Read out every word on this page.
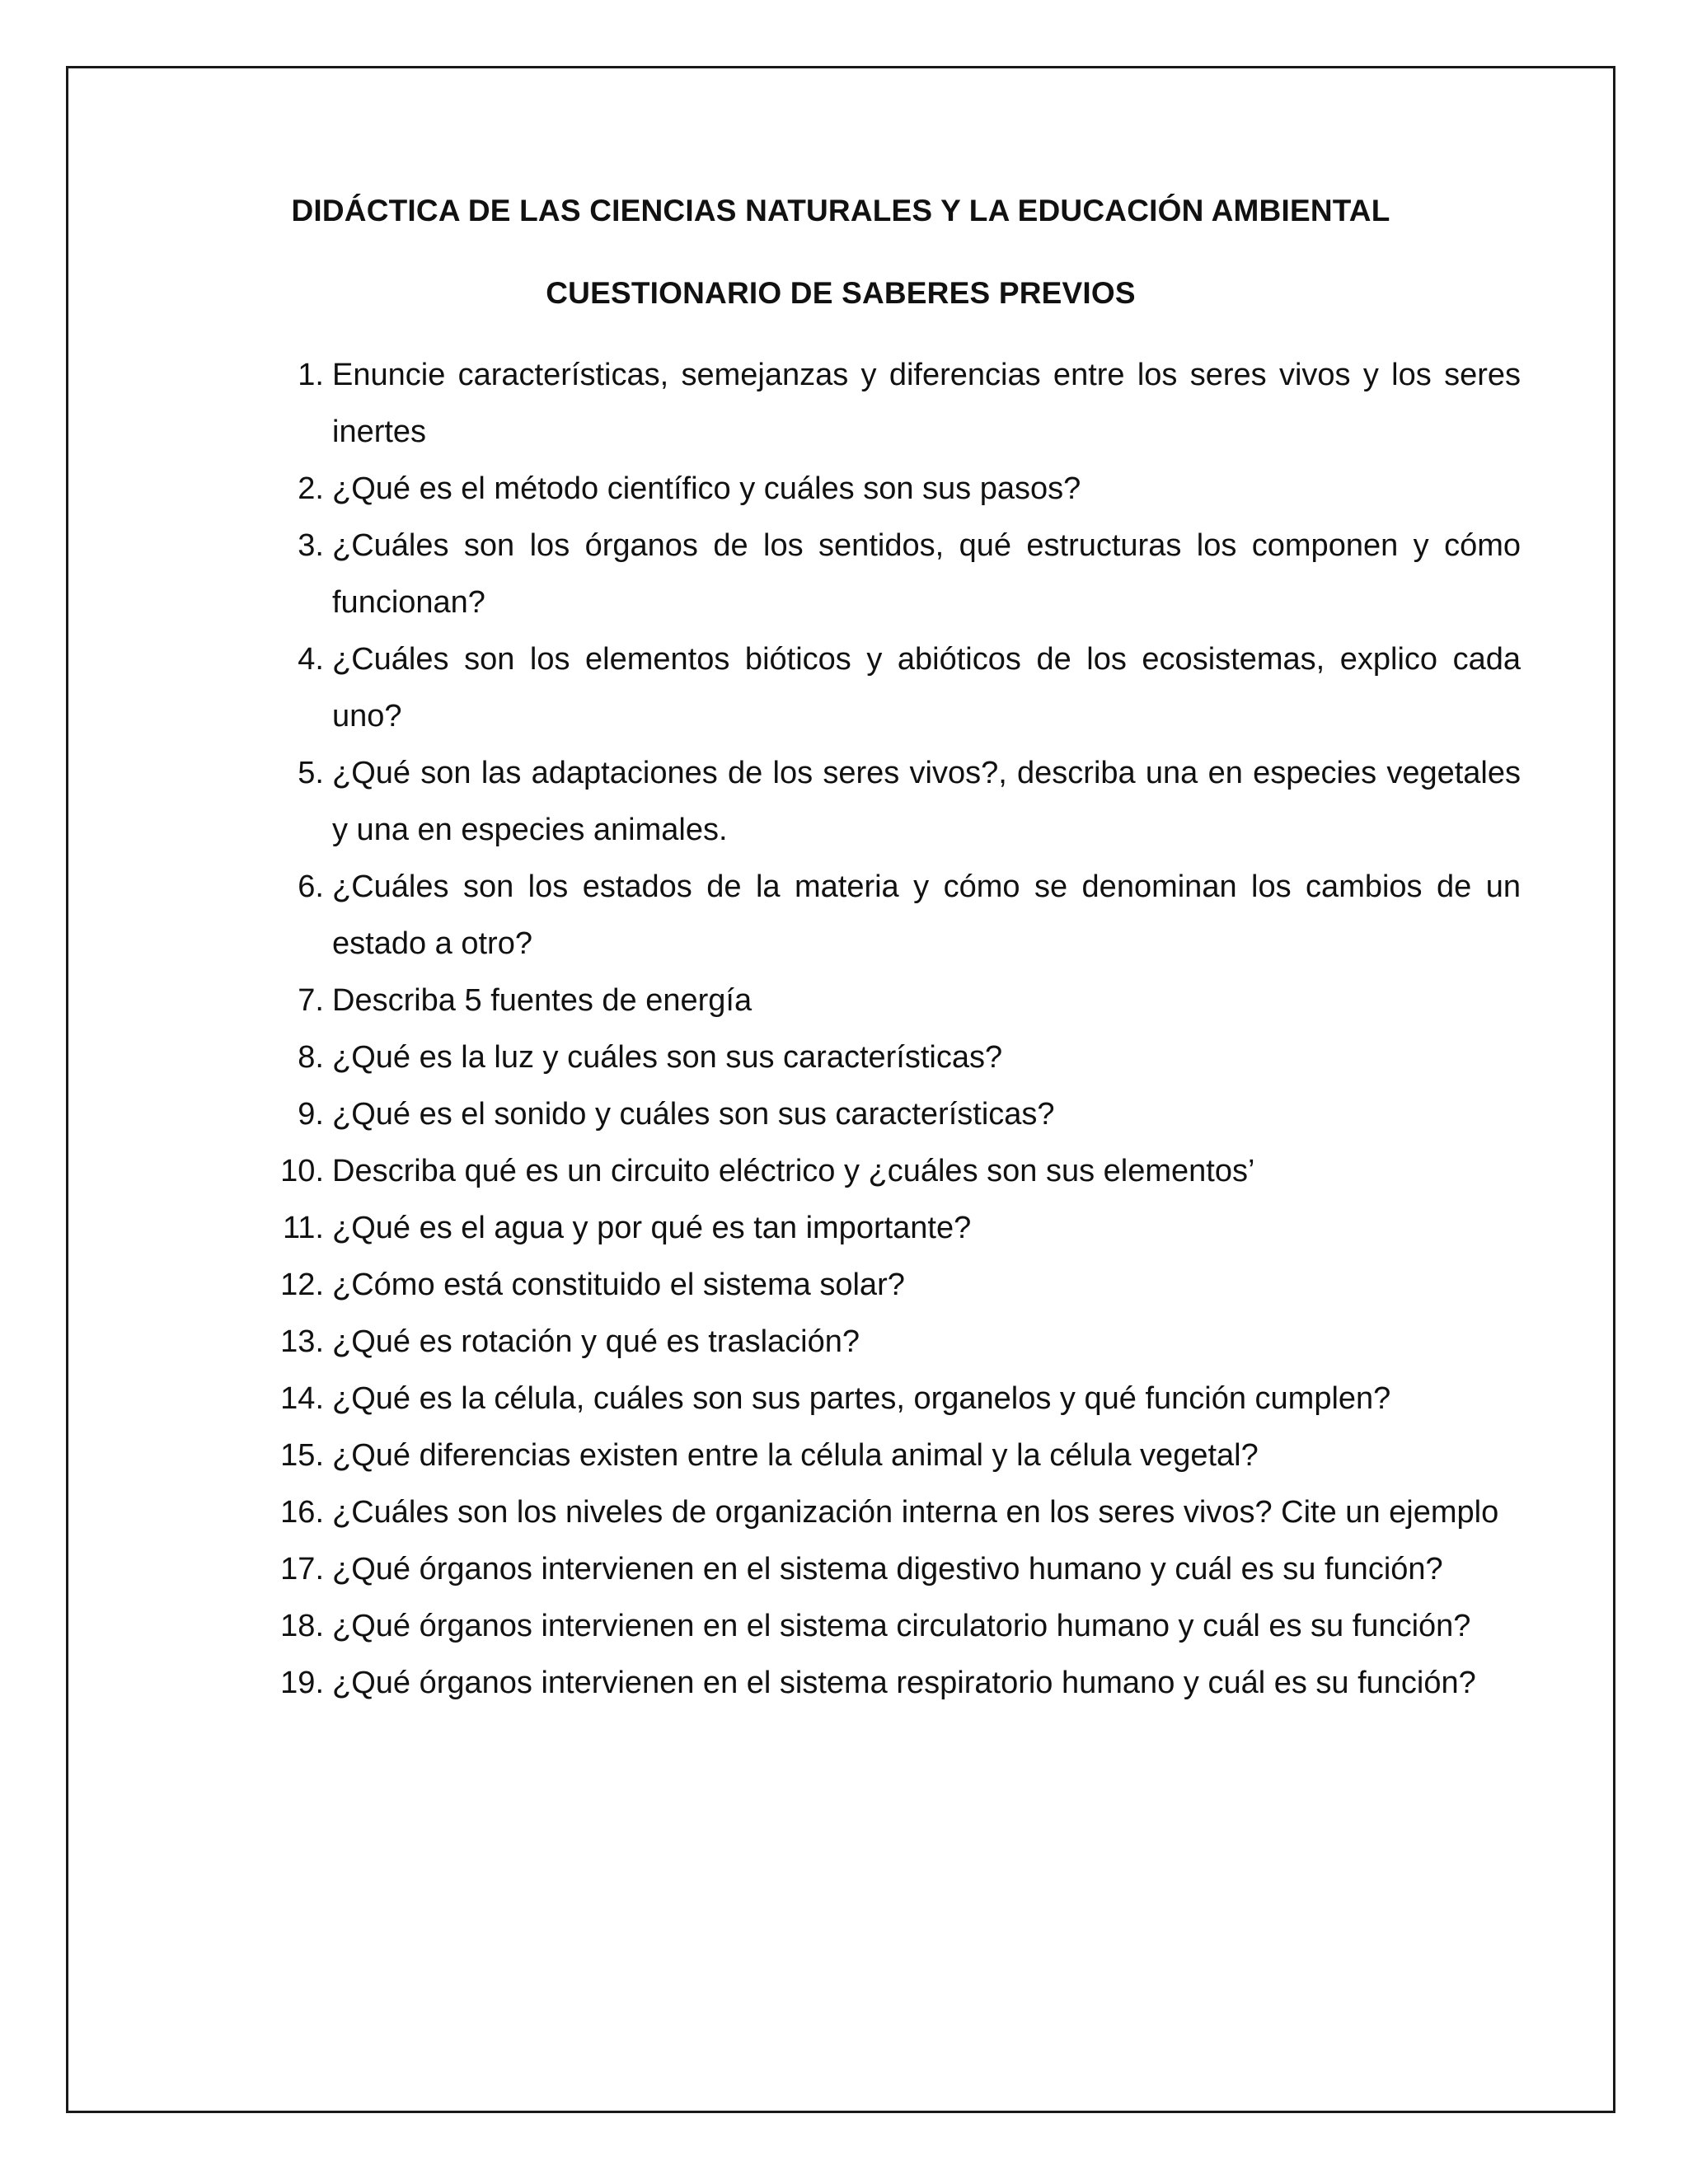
DIDÁCTICA DE LAS CIENCIAS NATURALES Y LA EDUCACIÓN AMBIENTAL
CUESTIONARIO DE SABERES PREVIOS
1. Enuncie características, semejanzas y diferencias entre los seres vivos y los seres inertes
2. ¿Qué es el método científico y cuáles son sus pasos?
3. ¿Cuáles son los órganos de los sentidos, qué estructuras los componen y cómo funcionan?
4. ¿Cuáles son los elementos bióticos y abióticos de los ecosistemas, explico cada uno?
5. ¿Qué son las adaptaciones de los seres vivos?, describa una en especies vegetales y una en especies animales.
6. ¿Cuáles son los estados de la materia y cómo se denominan los cambios de un estado a otro?
7. Describa 5 fuentes de energía
8. ¿Qué es la luz y cuáles son sus características?
9. ¿Qué es el sonido y cuáles son sus características?
10. Describa qué es un circuito eléctrico y ¿cuáles son sus elementos’
11. ¿Qué es el agua y por qué es tan importante?
12. ¿Cómo está constituido el sistema solar?
13. ¿Qué es rotación y qué es traslación?
14. ¿Qué es la célula, cuáles son sus partes, organelos y qué función cumplen?
15. ¿Qué diferencias existen entre la célula animal y la célula vegetal?
16. ¿Cuáles son los niveles de organización interna en los seres vivos? Cite un ejemplo
17. ¿Qué órganos intervienen en el sistema digestivo humano y cuál es su función?
18. ¿Qué órganos intervienen en el sistema circulatorio humano y cuál es su función?
19. ¿Qué órganos intervienen en el sistema respiratorio humano y cuál es su función?
